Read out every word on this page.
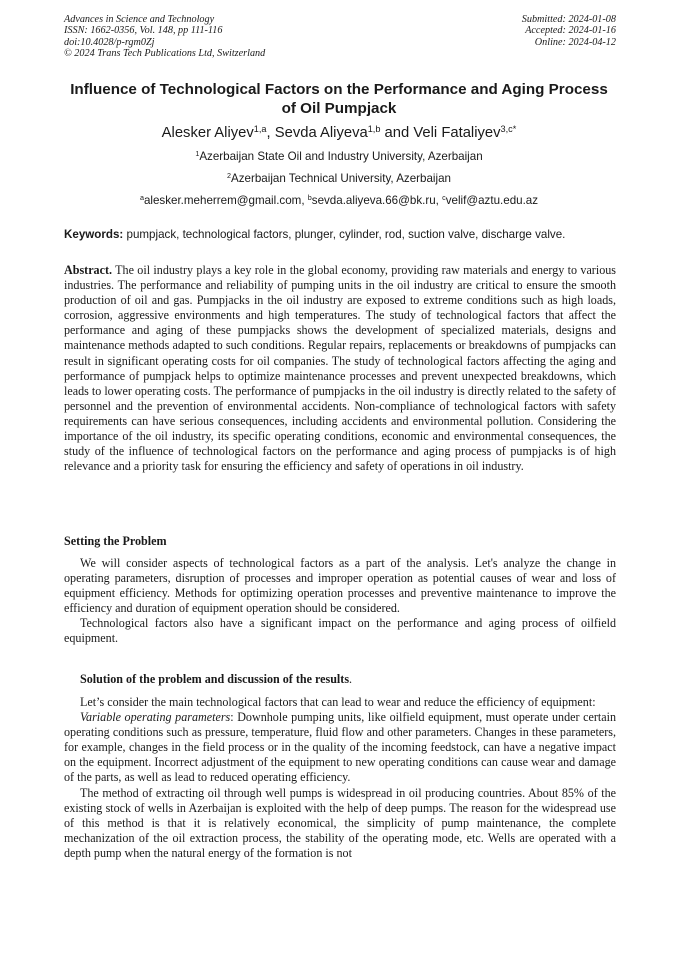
Advances in Science and Technology
ISSN: 1662-0356, Vol. 148, pp 111-116
doi:10.4028/p-rgm0Zj
© 2024 Trans Tech Publications Ltd, Switzerland
Submitted: 2024-01-08
Accepted: 2024-01-16
Online: 2024-04-12
Influence of Technological Factors on the Performance and Aging Process of Oil Pumpjack
Alesker Aliyev$^{1,a}$, Sevda Aliyeva$^{1,b}$ and Veli Fataliyev$^{3,c*}$
$^1$Azerbaijan State Oil and Industry University, Azerbaijan
$^2$Azerbaijan Technical University, Azerbaijan
$^a$alesker.meherrem@gmail.com, $^b$sevda.aliyeva.66@bk.ru, $^c$velif@aztu.edu.az
Keywords: pumpjack, technological factors, plunger, cylinder, rod, suction valve, discharge valve.
Abstract. The oil industry plays a key role in the global economy, providing raw materials and energy to various industries. The performance and reliability of pumping units in the oil industry are critical to ensure the smooth production of oil and gas. Pumpjacks in the oil industry are exposed to extreme conditions such as high loads, corrosion, aggressive environments and high temperatures. The study of technological factors that affect the performance and aging of these pumpjacks shows the development of specialized materials, designs and maintenance methods adapted to such conditions. Regular repairs, replacements or breakdowns of pumpjacks can result in significant operating costs for oil companies. The study of technological factors affecting the aging and performance of pumpjack helps to optimize maintenance processes and prevent unexpected breakdowns, which leads to lower operating costs. The performance of pumpjacks in the oil industry is directly related to the safety of personnel and the prevention of environmental accidents. Non-compliance of technological factors with safety requirements can have serious consequences, including accidents and environmental pollution. Considering the importance of the oil industry, its specific operating conditions, economic and environmental consequences, the study of the influence of technological factors on the performance and aging process of pumpjacks is of high relevance and a priority task for ensuring the efficiency and safety of operations in oil industry.
Setting the Problem

We will consider aspects of technological factors as a part of the analysis. Let's analyze the change in operating parameters, disruption of processes and improper operation as potential causes of wear and loss of equipment efficiency. Methods for optimizing operation processes and preventive maintenance to improve the efficiency and duration of equipment operation should be considered.

Technological factors also have a significant impact on the performance and aging process of oilfield equipment.

Solution of the problem and discussion of the results.

Let’s consider the main technological factors that can lead to wear and reduce the efficiency of equipment:

Variable operating parameters: Downhole pumping units, like oilfield equipment, must operate under certain operating conditions such as pressure, temperature, fluid flow and other parameters. Changes in these parameters, for example, changes in the field process or in the quality of the incoming feedstock, can have a negative impact on the equipment. Incorrect adjustment of the equipment to new operating conditions can cause wear and damage of the parts, as well as lead to reduced operating efficiency.

The method of extracting oil through well pumps is widespread in oil producing countries. About 85% of the existing stock of wells in Azerbaijan is exploited with the help of deep pumps. The reason for the widespread use of this method is that it is relatively economical, the simplicity of pump maintenance, the complete mechanization of the oil extraction process, the stability of the operating mode, etc. Wells are operated with a depth pump when the natural energy of the formation is not
